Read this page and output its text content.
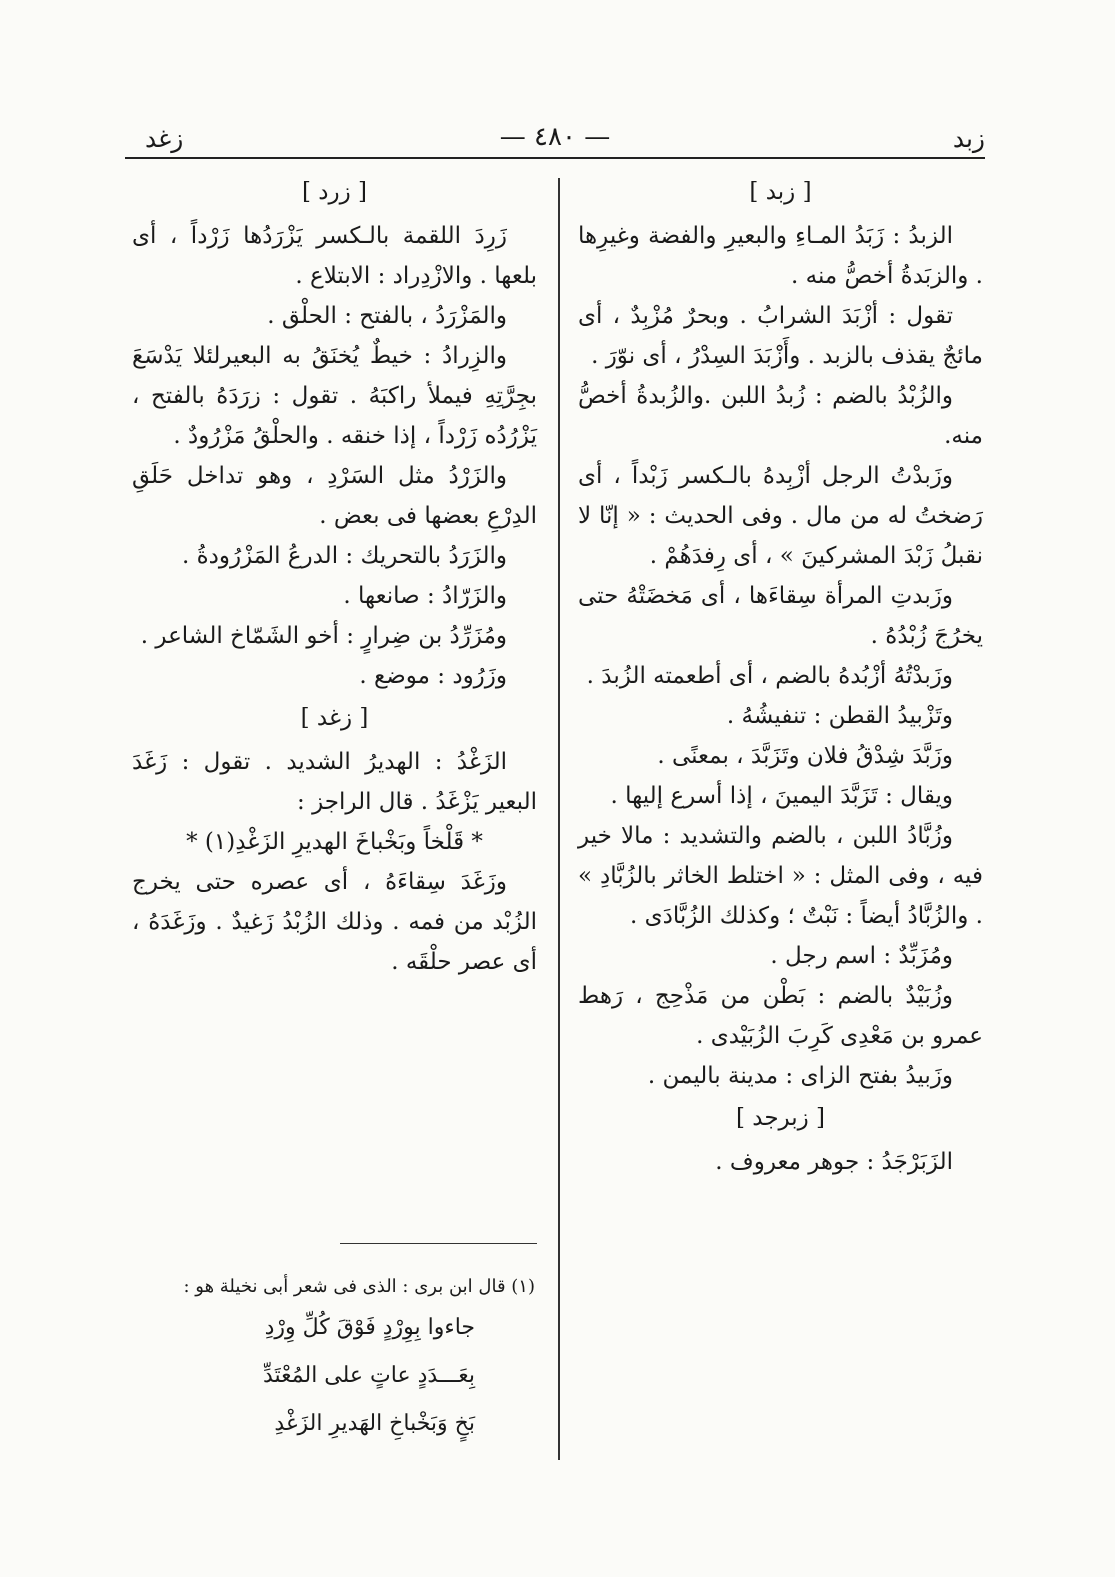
زبد
— ٤٨٠ —
زغد

[ زبد ]

الزبدُ : زَبَدُ المـاءِ والبعيرِ والفضة وغيرِها . والزبَدةُ أخصُّ منه .

تقول : أزْبَدَ الشرابُ . وبحرٌ مُزْبِدٌ ، أى مائجٌ يقذف بالزبد . وأَزْبَدَ السِدْرُ ، أى نوّرَ .

والزُبْدُ بالضم : زُبدُ اللبن .والزُبدةُ أخصُّ منه.

وزَبدْتُ الرجل أزْبِدهُ بالـكسر زَبْداً ، أى رَضختُ له من مال . وفى الحديث : « إنّا لا نقبلُ زَبْدَ المشركينَ » ، أى رِفدَهُمْ .

وزَبدتِ المرأة سِقاءَها ، أى مَخضَتْهُ حتى يخرُجَ زُبْدُهُ .

وزَبدْتُهُ أزْبُدهُ بالضم ، أى أطعمته الزُبدَ .

وتَزْبيدُ القطن : تنفيشُهُ .

وزَبَّدَ شِدْقُ فلان وتَزَبَّدَ ، بمعنًى .

ويقال : تَزَبَّدَ اليمينَ ، إذا أسرع إليها .

وزُبَّادُ اللبن ، بالضم والتشديد : مالا خير فيه ، وفى المثل : « اختلط الخاثر بالزُبَّادِ » . والزُبَّادُ أيضاً : نَبْتٌ ؛ وكذلك الزُبَّادَى .

ومُزَبِّدٌ : اسم رجل .

وزُبَيْدٌ بالضم : بَطْن من مَذْحِج ، رَهط عمرو بن مَعْدِى كَرِبَ الزُبَيْدى .

وزَبيدُ بفتح الزاى : مدينة باليمن .

[ زبرجد ]

الزَبَرْجَدُ : جوهر معروف .

[ زرد ]

زَرِدَ اللقمة بالـكسر يَزْرَدُها زَرْداً ، أى بلعها . والازْدِراد : الابتلاع .

والمَزْرَدُ ، بالفتح : الحلْق .

والزِرادُ : خيطٌ يُخنَقُ به البعيرلئلا يَدْسَعَ بجِرَّتِهِ فيملأ راكبَهُ . تقول : زرَدَهُ بالفتح ، يَزْرُدُه زَرْداً ، إذا خنقه . والحلْقُ مَزْرُودٌ .

والزَرْدُ مثل السَرْدِ ، وهو تداخل حَلَقِ الدِرْعِ بعضها فى بعض .

والزَرَدُ بالتحريك : الدرعُ المَزْرُودةُ .

والزَرّادُ : صانعها .

ومُزَرِّدُ بن ضِرارٍ : أخو الشَمّاخ الشاعر .

وزَرُود : موضع .

[ زغد ]

الزَغْدُ : الهديرُ الشديد . تقول : زَغَدَ البعير يَزْغَدُ . قال الراجز :

* قَلْخاً وبَخْباخَ الهديرِ الزَغْدِ(١) *

وزَغَدَ سِقاءَهُ ، أى عصره حتى يخرج الزُبْد من فمه . وذلك الزُبْدُ زَغيدٌ . وزَغَدَهُ ، أى عصر حلْقَه .

(١) قال ابن برى : الذى فى شعر أبى نخيلة هو :

جاءوا بِوِرْدٍ فَوْقَ كُلِّ وِرْدِ

بِعَـــدَدٍ عاتٍ على المُعْتَدِّ

بَخٍ وَبَخْباخِ الهَديرِ الزَغْدِ
